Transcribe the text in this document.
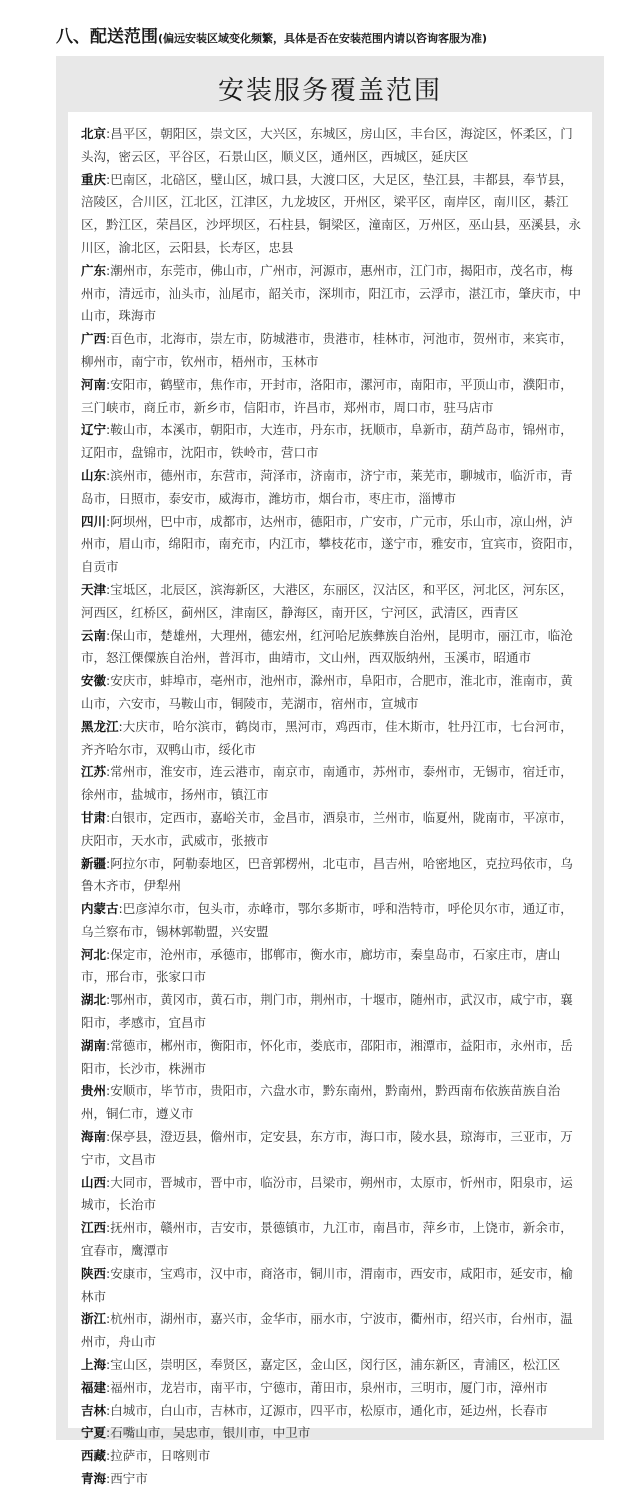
八、配送范围(偏远安装区域变化频繁，具体是否在安装范围内请以咨询客服为准)
安装服务覆盖范围

北京:昌平区，朝阳区，崇文区，大兴区，东城区，房山区，丰台区，海淀区，怀柔区，门头沟，密云区，平谷区，石景山区，顺义区，通州区，西城区，延庆区

重庆:巴南区，北碚区，璧山区，城口县，大渡口区，大足区，垫江县，丰都县，奉节县，涪陵区，合川区，江北区，江津区，九龙坡区，开州区，梁平区，南岸区，南川区，綦江区，黔江区，荣昌区，沙坪坝区，石柱县，铜梁区，潼南区，万州区，巫山县，巫溪县，永川区，渝北区，云阳县，长寿区，忠县

广东:潮州市，东莞市，佛山市，广州市，河源市，惠州市，江门市，揭阳市，茂名市，梅州市，清远市，汕头市，汕尾市，韶关市，深圳市，阳江市，云浮市，湛江市，肇庆市，中山市，珠海市

广西:百色市，北海市，崇左市，防城港市，贵港市，桂林市，河池市，贺州市，来宾市，柳州市，南宁市，钦州市，梧州市，玉林市

河南:安阳市，鹤壁市，焦作市，开封市，洛阳市，漯河市，南阳市，平顶山市，濮阳市，三门峡市，商丘市，新乡市，信阳市，许昌市，郑州市，周口市，驻马店市

辽宁:鞍山市，本溪市，朝阳市，大连市，丹东市，抚顺市，阜新市，葫芦岛市，锦州市，辽阳市，盘锦市，沈阳市，铁岭市，营口市

山东:滨州市，德州市，东营市，菏泽市，济南市，济宁市，莱芜市，聊城市，临沂市，青岛市，日照市，泰安市，威海市，潍坊市，烟台市，枣庄市，淄博市

四川:阿坝州，巴中市，成都市，达州市，德阳市，广安市，广元市，乐山市，凉山州，泸州市，眉山市，绵阳市，南充市，内江市，攀枝花市，遂宁市，雅安市，宜宾市，资阳市，自贡市

天津:宝坻区，北辰区，滨海新区，大港区，东丽区，汉沽区，和平区，河北区，河东区，河西区，红桥区，蓟州区，津南区，静海区，南开区，宁河区，武清区，西青区

云南:保山市，楚雄州，大理州，德宏州，红河哈尼族彝族自治州，昆明市，丽江市，临沧市，怒江傈僳族自治州，普洱市，曲靖市，文山州，西双版纳州，玉溪市，昭通市

安徽:安庆市，蚌埠市，亳州市，池州市，滁州市，阜阳市，合肥市，淮北市，淮南市，黄山市，六安市，马鞍山市，铜陵市，芜湖市，宿州市，宣城市

黑龙江:大庆市，哈尔滨市，鹤岗市，黑河市，鸡西市，佳木斯市，牡丹江市，七台河市，齐齐哈尔市，双鸭山市，绥化市

江苏:常州市，淮安市，连云港市，南京市，南通市，苏州市，泰州市，无锡市，宿迁市，徐州市，盐城市，扬州市，镇江市

甘肃:白银市，定西市，嘉峪关市，金昌市，酒泉市，兰州市，临夏州，陇南市，平凉市，庆阳市，天水市，武威市，张掖市

新疆:阿拉尔市，阿勒泰地区，巴音郭楞州，北屯市，昌吉州，哈密地区，克拉玛依市，乌鲁木齐市，伊犁州

内蒙古:巴彦淖尔市，包头市，赤峰市，鄂尔多斯市，呼和浩特市，呼伦贝尔市，通辽市，乌兰察布市，锡林郭勒盟，兴安盟

河北:保定市，沧州市，承德市，邯郸市，衡水市，廊坊市，秦皇岛市，石家庄市，唐山市，邢台市，张家口市

湖北:鄂州市，黄冈市，黄石市，荆门市，荆州市，十堰市，随州市，武汉市，咸宁市，襄阳市，孝感市，宜昌市

湖南:常德市，郴州市，衡阳市，怀化市，娄底市，邵阳市，湘潭市，益阳市，永州市，岳阳市，长沙市，株洲市

贵州:安顺市，毕节市，贵阳市，六盘水市，黔东南州，黔南州，黔西南布依族苗族自治州，铜仁市，遵义市

海南:保亭县，澄迈县，儋州市，定安县，东方市，海口市，陵水县，琼海市，三亚市，万宁市，文昌市

山西:大同市，晋城市，晋中市，临汾市，吕梁市，朔州市，太原市，忻州市，阳泉市，运城市，长治市

江西:抚州市，赣州市，吉安市，景德镇市，九江市，南昌市，萍乡市，上饶市，新余市，宜春市，鹰潭市

陕西:安康市，宝鸡市，汉中市，商洛市，铜川市，渭南市，西安市，咸阳市，延安市，榆林市

浙江:杭州市，湖州市，嘉兴市，金华市，丽水市，宁波市，衢州市，绍兴市，台州市，温州市，舟山市

上海:宝山区，崇明区，奉贤区，嘉定区，金山区，闵行区，浦东新区，青浦区，松江区

福建:福州市，龙岩市，南平市，宁德市，莆田市，泉州市，三明市，厦门市，漳州市

吉林:白城市，白山市，吉林市，辽源市，四平市，松原市，通化市，延边州，长春市

宁夏:石嘴山市，吴忠市，银川市，中卫市

西藏:拉萨市，日喀则市

青海:西宁市
